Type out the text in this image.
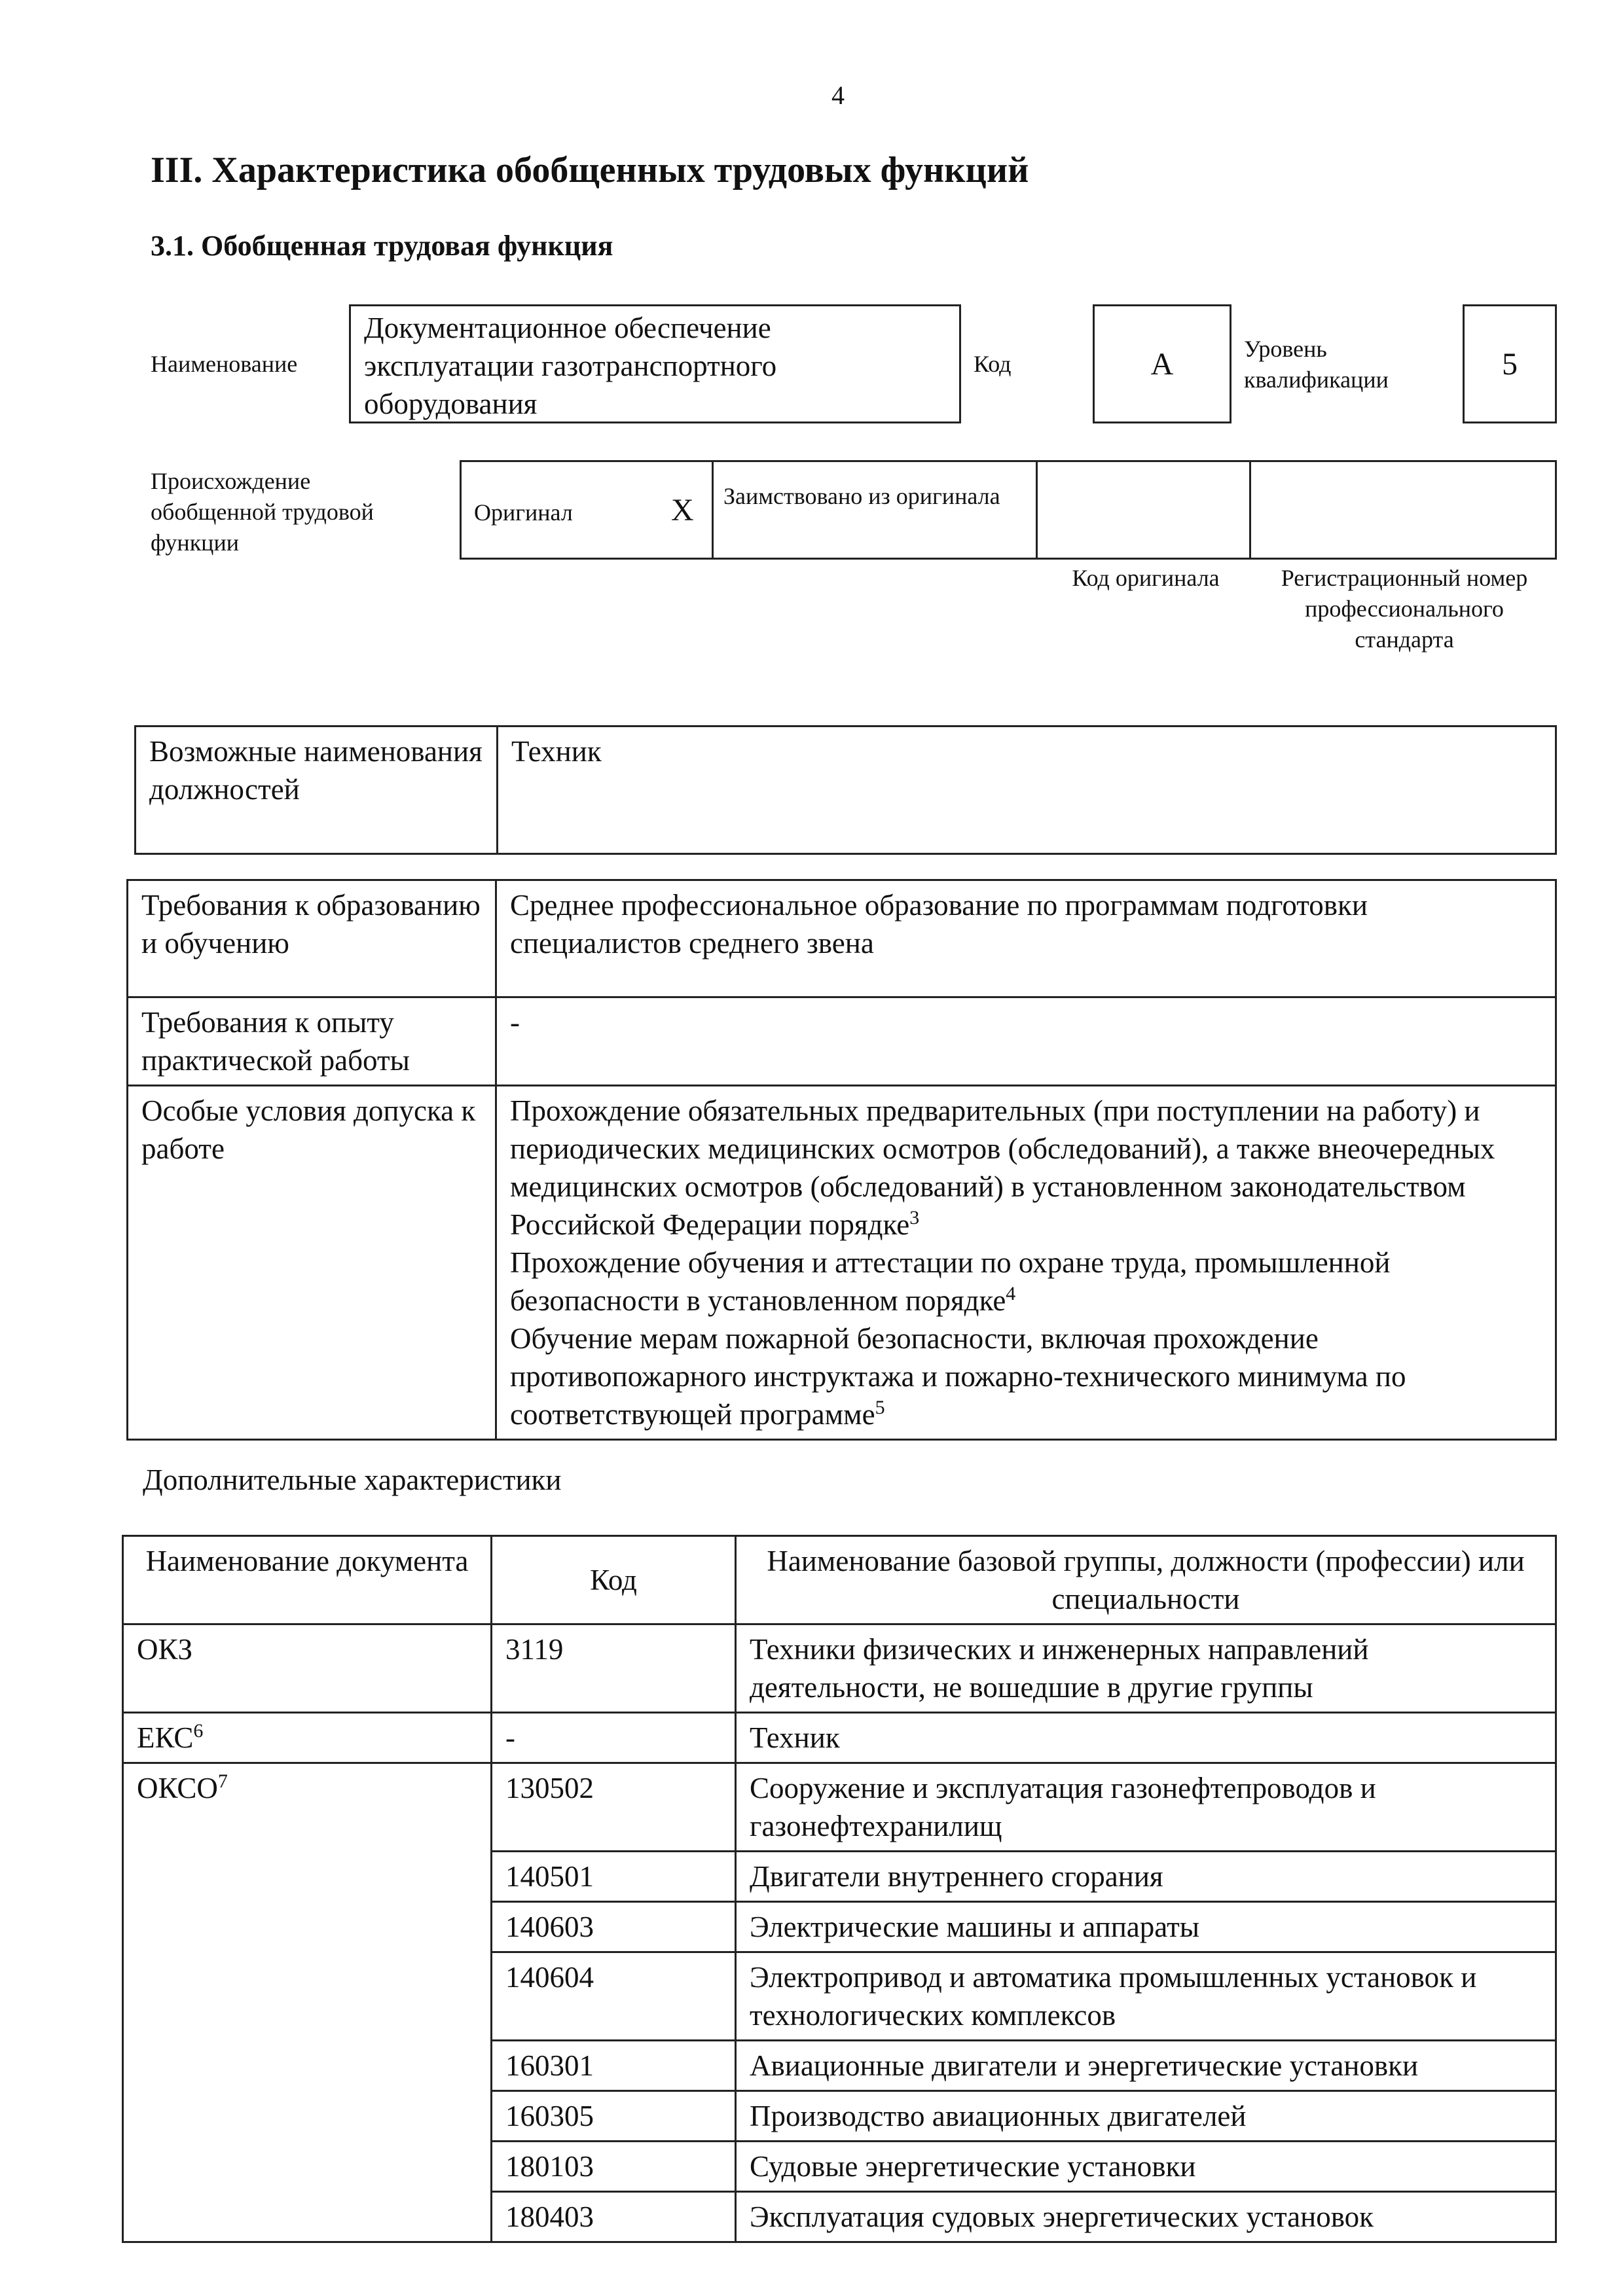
4
III. Характеристика обобщенных трудовых функций
3.1. Обобщенная трудовая функция
Наименование
Документационное обеспечение эксплуатации газотранспортного оборудования
Код	А	Уровень квалификации	5
Происхождение обобщенной трудовой функции
Оригинал	X Заимствовано из оригинала
Код оригинала	Регистрационный номер профессионального стандарта
Возможные наименования должностей	Техник
Требования к образованию и обучению	Среднее профессиональное образование по программам подготовки специалистов среднего звена
Требования к опыту практической работы	-
Особые условия допуска к работе	Прохождение обязательных предварительных (при поступлении на работу) и периодических медицинских осмотров (обследований), а также внеочередных медицинских осмотров (обследований) в установленном законодательством Российской Федерации порядке$^3$
Прохождение обучения и аттестации по охране труда, промышленной безопасности в установленном порядке$^4$
Обучение мерам пожарной безопасности, включая прохождение противопожарного инструктажа и пожарно-технического минимума по соответствующей программе$^5$
Дополнительные характеристики
Наименование документа	Код	Наименование базовой группы, должности (профессии) или специальности
ОКЗ	3119	Техники физических и инженерных направлений деятельности, не вошедшие в другие группы
ЕКС$^6$	-	Техник
ОКСО$^7$	130502	Сооружение и эксплуатация газонефтепроводов и газонефтехранилищ
	140501	Двигатели внутреннего сгорания
	140603	Электрические машины и аппараты
	140604	Электропривод и автоматика промышленных установок и технологических комплексов
	160301	Авиационные двигатели и энергетические установки
	160305	Производство авиационных двигателей
	180103	Судовые энергетические установки
	180403	Эксплуатация судовых энергетических установок
